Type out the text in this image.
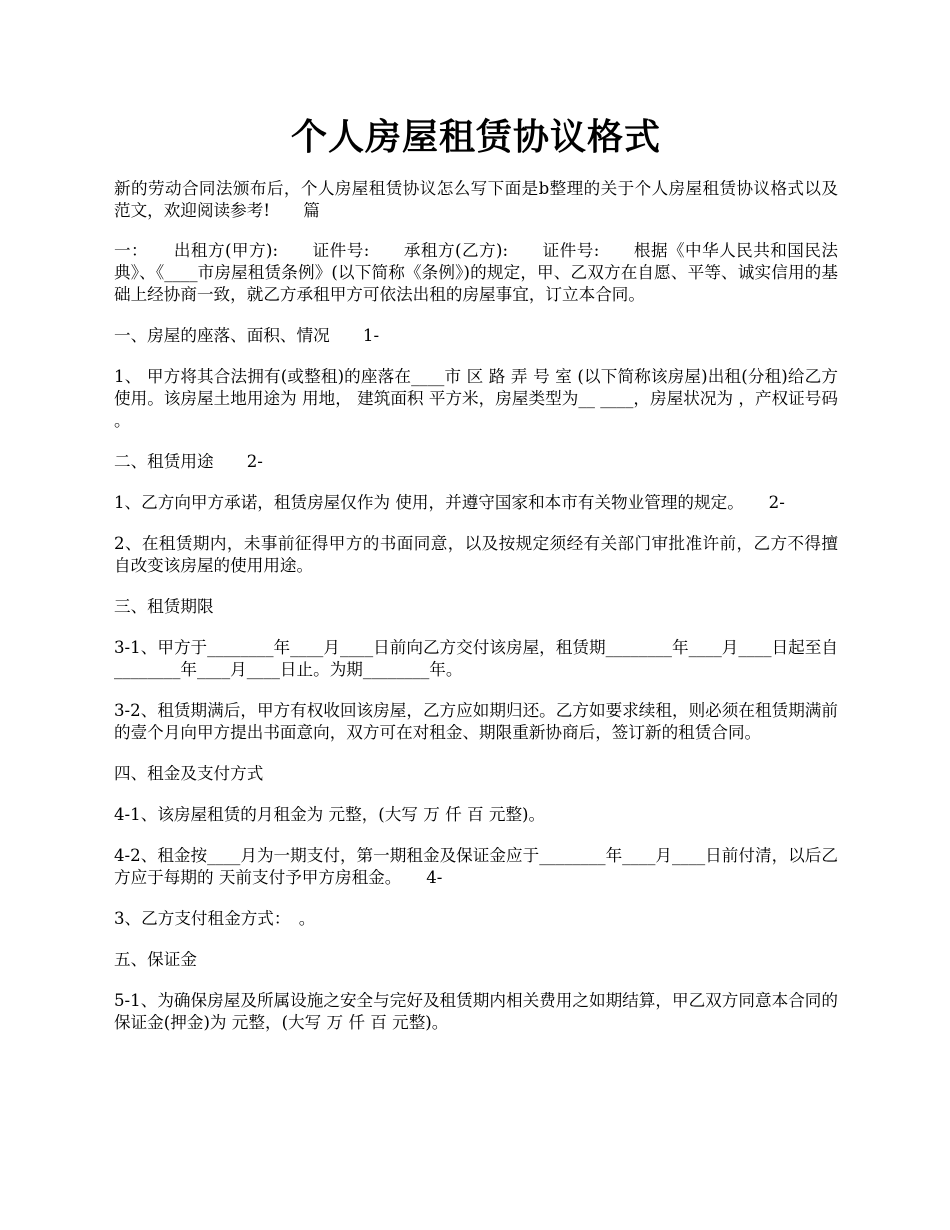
个人房屋租赁协议格式

新的劳动合同法颁布后，个人房屋租赁协议怎么写下面是b整理的关于个人房屋租赁协议格式以及范文，欢迎阅读参考!　　篇

一：　　出租方(甲方):　　证件号:　　承租方(乙方):　　证件号:　　根据《中华人民共和国民法典》、《____市房屋租赁条例》(以下简称《条例》)的规定，甲、乙双方在自愿、平等、诚实信用的基础上经协商一致，就乙方承租甲方可依法出租的房屋事宜，订立本合同。

一、房屋的座落、面积、情况　　1-

1、 甲方将其合法拥有(或整租)的座落在____市 区 路 弄 号 室 (以下简称该房屋)出租(分租)给乙方使用。该房屋土地用途为 用地， 建筑面积 平方米，房屋类型为__ ____，房屋状况为 ，产权证号码 。

二、租赁用途　　2-

1、乙方向甲方承诺，租赁房屋仅作为 使用，并遵守国家和本市有关物业管理的规定。　　2-

2、在租赁期内，未事前征得甲方的书面同意，以及按规定须经有关部门审批准许前，乙方不得擅自改变该房屋的使用用途。

三、租赁期限

3-1、甲方于________年____月____日前向乙方交付该房屋，租赁期________年____月____日起至自________年____月____日止。为期________年。

3-2、租赁期满后，甲方有权收回该房屋，乙方应如期归还。乙方如要求续租，则必须在租赁期满前的壹个月向甲方提出书面意向，双方可在对租金、期限重新协商后，签订新的租赁合同。

四、租金及支付方式

4-1、该房屋租赁的月租金为 元整，(大写 万 仟 百 元整)。

4-2、租金按____月为一期支付，第一期租金及保证金应于________年____月____日前付清，以后乙方应于每期的 天前支付予甲方房租金。　　4-

3、乙方支付租金方式：　。

五、保证金

5-1、为确保房屋及所属设施之安全与完好及租赁期内相关费用之如期结算，甲乙双方同意本合同的保证金(押金)为 元整，(大写 万 仟 百 元整)。
